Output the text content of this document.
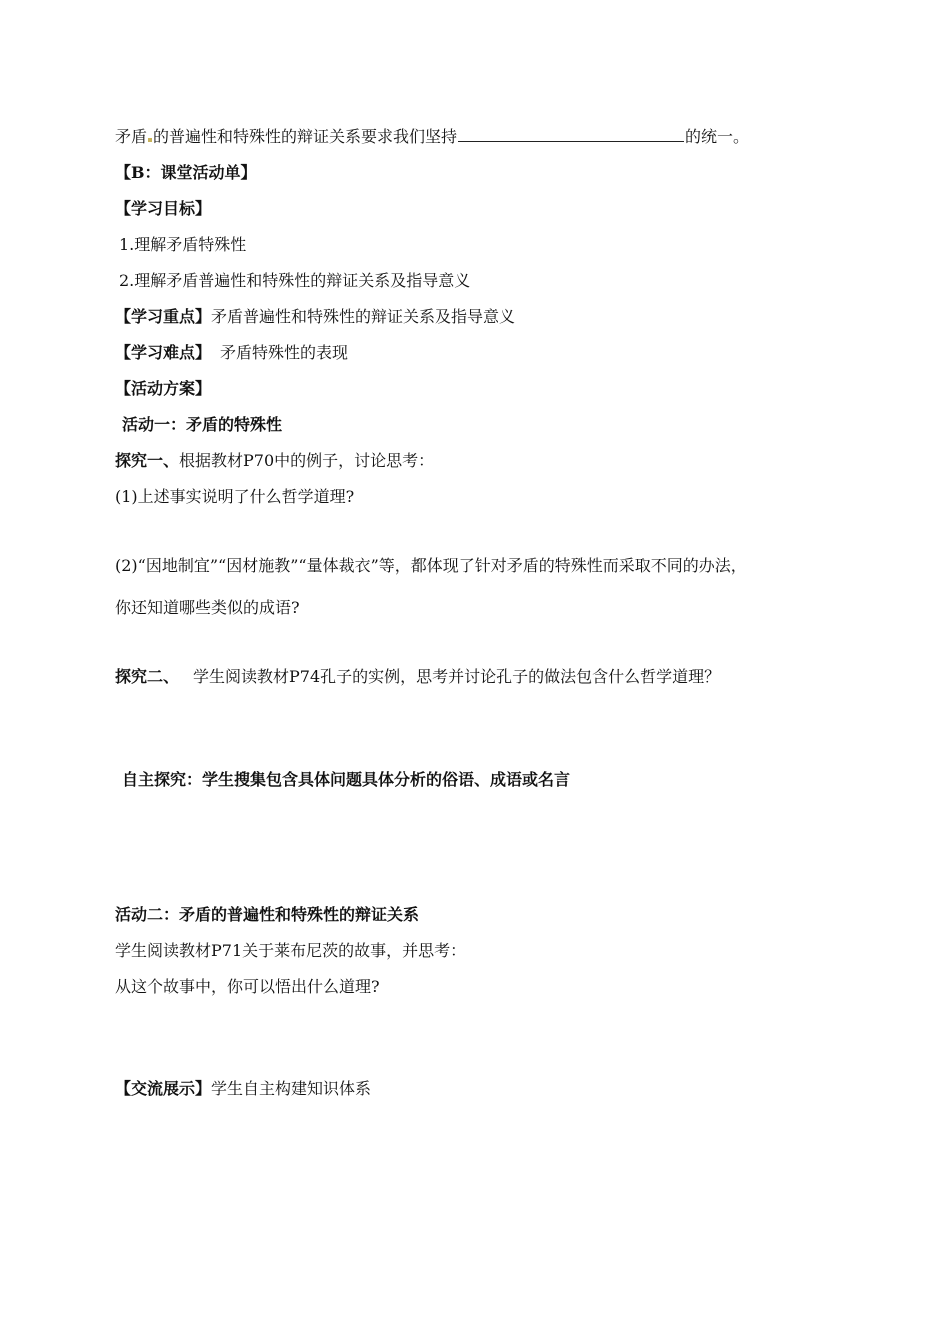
矛盾 的普遍性和特殊性的辩证关系要求我们坚持	的统一。
【B：课堂活动单】
【学习目标】
1.理解矛盾特殊性
2.理解矛盾普遍性和特殊性的辩证关系及指导意义
【学习重点】矛盾普遍性和特殊性的辩证关系及指导意义
【学习难点】 矛盾特殊性的表现
【活动方案】
活动一：矛盾的特殊性
探究一、根据教材P70中的例子，讨论思考：
(1)上述事实说明了什么哲学道理?
(2)“因地制宜”“因材施教”“量体裁衣”等，都体现了针对矛盾的特殊性而采取不同的办法，
你还知道哪些类似的成语?
探究二、 学生阅读教材P74孔子的实例，思考并讨论孔子的做法包含什么哲学道理？
自主探究：学生搜集包含具体问题具体分析的俗语、成语或名言
活动二：矛盾的普遍性和特殊性的辩证关系
学生阅读教材P71关于莱布尼茨的故事，并思考：
从这个故事中，你可以悟出什么道理?
【交流展示】学生自主构建知识体系
